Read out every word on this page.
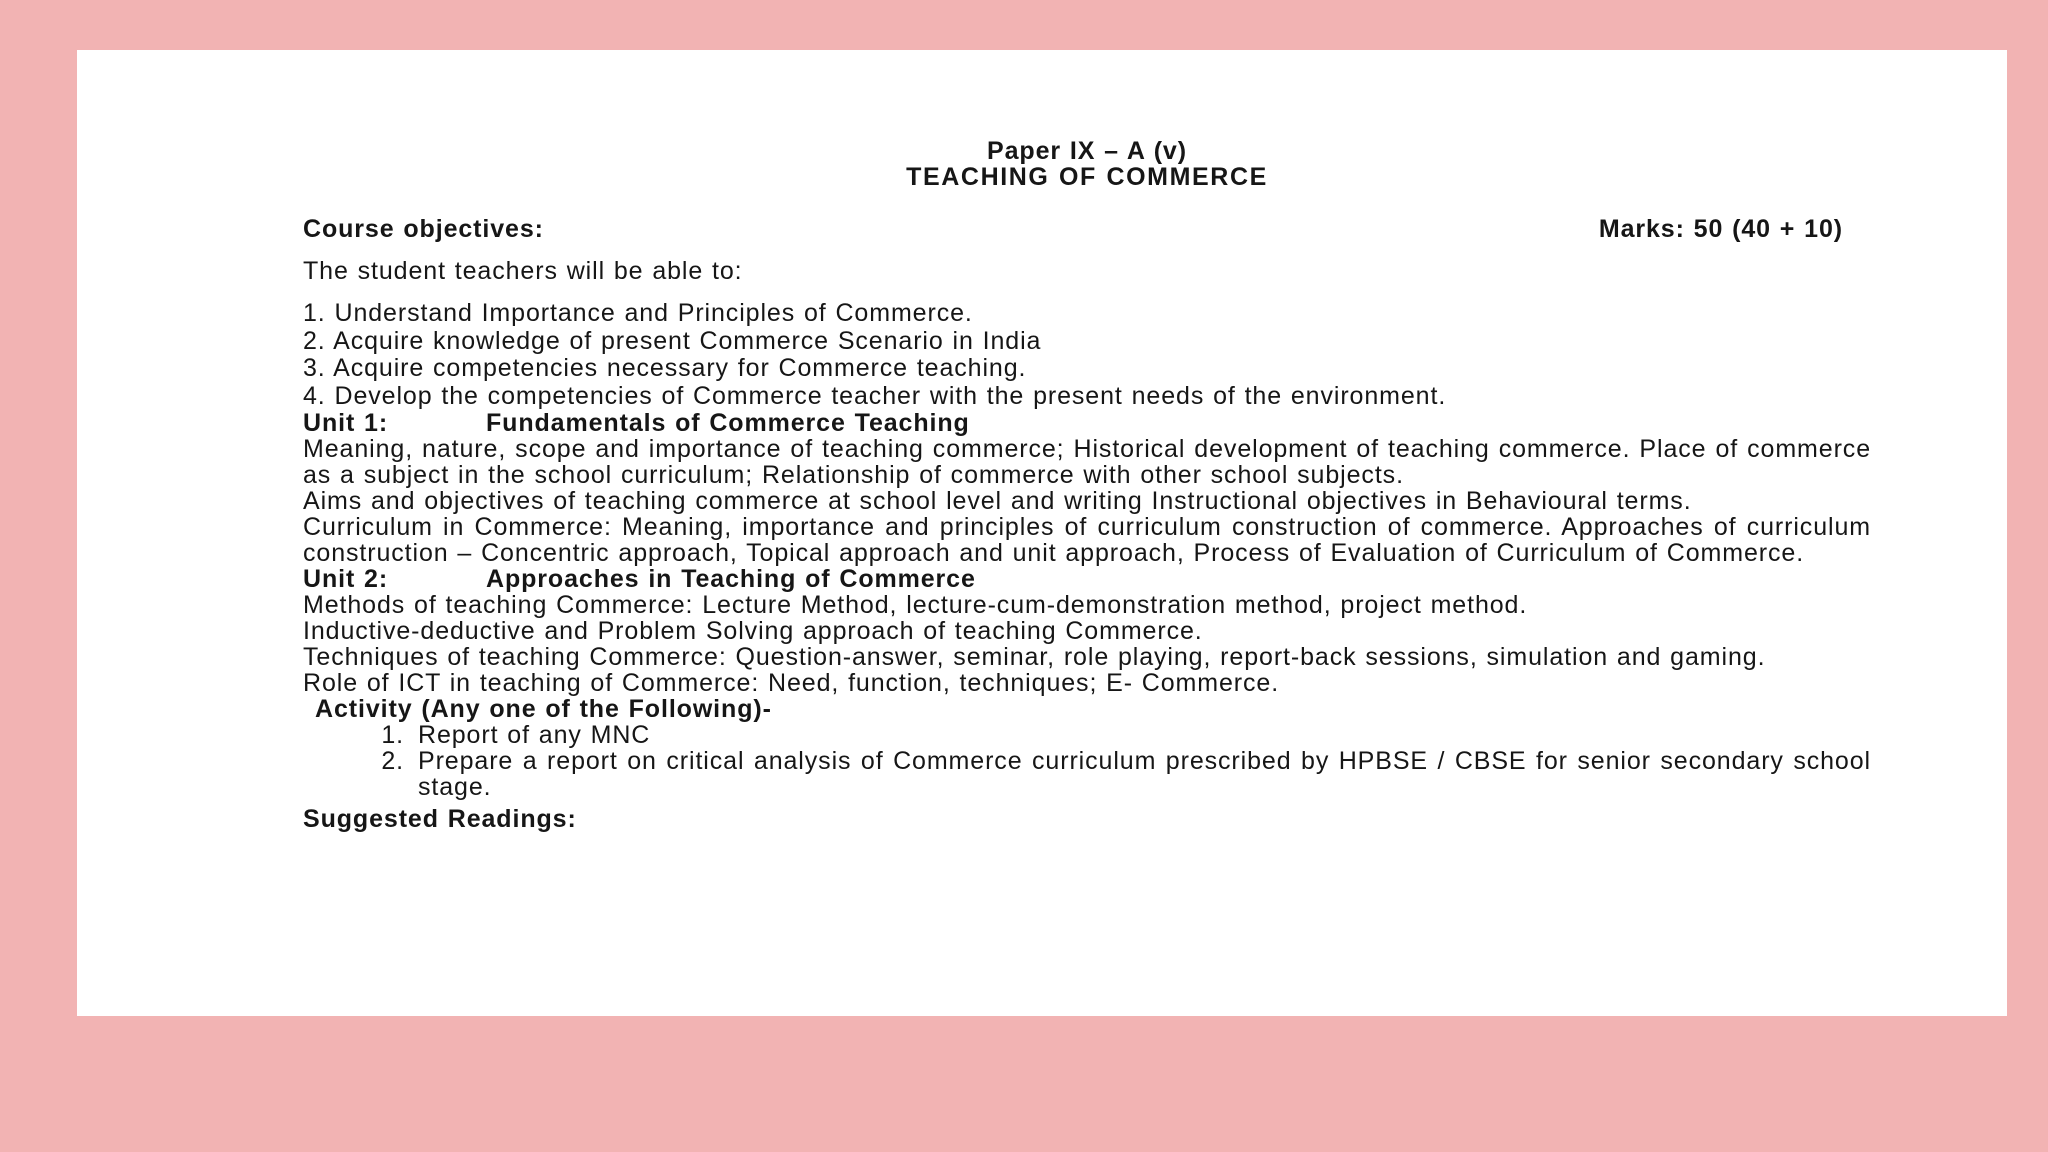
Paper IX – A (v)
TEACHING OF COMMERCE
Course objectives:	Marks: 50 (40 + 10)
The student teachers will be able to:
1. Understand Importance and Principles of Commerce.
2. Acquire knowledge of present Commerce Scenario in India
3. Acquire competencies necessary for Commerce teaching.
4. Develop the competencies of Commerce teacher with the present needs of the environment.
Unit 1:	Fundamentals of Commerce Teaching

Meaning, nature, scope and importance of teaching commerce; Historical development of teaching commerce. Place of commerce as a subject in the school curriculum; Relationship of commerce with other school subjects.

Aims and objectives of teaching commerce at school level and writing Instructional objectives in Behavioural terms.

Curriculum in Commerce: Meaning, importance and principles of curriculum construction of commerce. Approaches of curriculum construction – Concentric approach, Topical approach and unit approach, Process of Evaluation of Curriculum of Commerce.

Unit 2:	Approaches in Teaching of Commerce

Methods of teaching Commerce: Lecture Method, lecture-cum-demonstration method, project method.

Inductive-deductive and Problem Solving approach of teaching Commerce.

Techniques of teaching Commerce: Question-answer, seminar, role playing, report-back sessions, simulation and gaming.

Role of ICT in teaching of Commerce: Need, function, techniques; E- Commerce.

Activity (Any one of the Following)-
1. Report of any MNC
2. Prepare a report on critical analysis of Commerce curriculum prescribed by HPBSE / CBSE for senior secondary school stage.
Suggested Readings:
